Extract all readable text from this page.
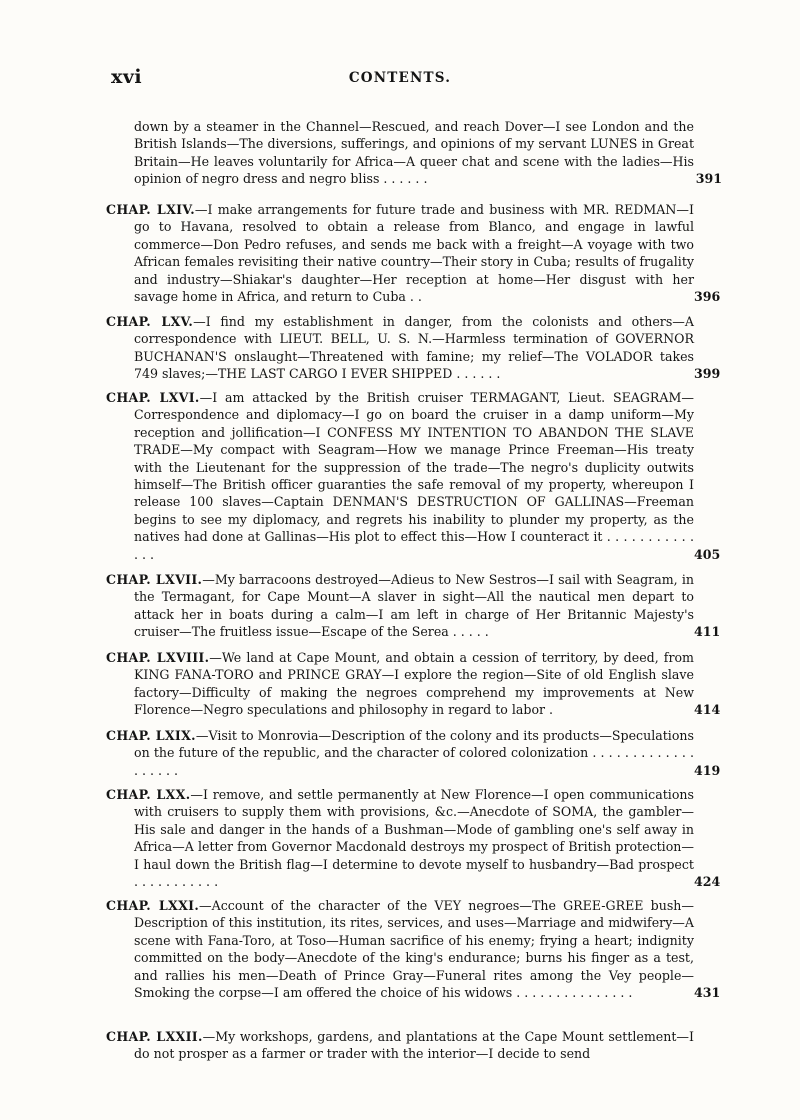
xvi	CONTENTS.
down by a steamer in the Channel—Rescued, and reach Dover—I see London and the British Islands—The diversions, sufferings, and opinions of my servant LUNES in Great Britain—He leaves voluntarily for Africa—A queer chat and scene with the ladies—His opinion of negro dress and negro bliss . . . . . .	391
CHAP. LXIV.—I make arrangements for future trade and business with MR. REDMAN—I go to Havana, resolved to obtain a release from Blanco, and engage in lawful commerce—Don Pedro refuses, and sends me back with a freight—A voyage with two African females revisiting their native country—Their story in Cuba; results of frugality and industry—Shiakar's daughter—Her reception at home—Her disgust with her savage home in Africa, and return to Cuba . .	396
CHAP. LXV.—I find my establishment in danger, from the colonists and others—A correspondence with LIEUT. BELL, U. S. N.—Harmless termination of GOVERNOR BUCHANAN'S onslaught—Threatened with famine; my relief—The VOLADOR takes 749 slaves;—THE LAST CARGO I EVER SHIPPED . . . . . .	399
CHAP. LXVI.—I am attacked by the British cruiser TERMAGANT, Lieut. SEAGRAM—Correspondence and diplomacy—I go on board the cruiser in a damp uniform—My reception and jollification—I CONFESS MY INTENTION TO ABANDON THE SLAVE TRADE—My compact with Seagram—How we manage Prince Freeman—His treaty with the Lieutenant for the suppression of the trade—The negro's duplicity outwits himself—The British officer guaranties the safe removal of my property, whereupon I release 100 slaves—Captain DENMAN'S DESTRUCTION OF GALLINAS—Freeman begins to see my diplomacy, and regrets his inability to plunder my property, as the natives had done at Gallinas—His plot to effect this—How I counteract it . . . . . . . . . . . . . .	405
CHAP. LXVII.—My barracoons destroyed—Adieus to New Sestros—I sail with Seagram, in the Termagant, for Cape Mount—A slaver in sight—All the nautical men depart to attack her in boats during a calm—I am left in charge of Her Britannic Majesty's cruiser—The fruitless issue—Escape of the Serea . . . . .	411
CHAP. LXVIII.—We land at Cape Mount, and obtain a cession of territory, by deed, from KING FANA-TORO and PRINCE GRAY—I explore the region—Site of old English slave factory—Difficulty of making the negroes comprehend my improvements at New Florence—Negro speculations and philosophy in regard to labor .	414
CHAP. LXIX.—Visit to Monrovia—Description of the colony and its products—Speculations on the future of the republic, and the character of colored colonization . . . . . . . . . . . . . . . . . . .	419
CHAP. LXX.—I remove, and settle permanently at New Florence—I open communications with cruisers to supply them with provisions, &c.—Anecdote of SOMA, the gambler—His sale and danger in the hands of a Bushman—Mode of gambling one's self away in Africa—A letter from Governor Macdonald destroys my prospect of British protection—I haul down the British flag—I determine to devote myself to husbandry—Bad prospect . . . . . . . . . . .	424
CHAP. LXXI.—Account of the character of the VEY negroes—The GREE-GREE bush—Description of this institution, its rites, services, and uses—Marriage and midwifery—A scene with Fana-Toro, at Toso—Human sacrifice of his enemy; frying a heart; indignity committed on the body—Anecdote of the king's endurance; burns his finger as a test, and rallies his men—Death of Prince Gray—Funeral rites among the Vey people—Smoking the corpse—I am offered the choice of his widows . . . . . . . . . . . . . . .	431
CHAP. LXXII.—My workshops, gardens, and plantations at the Cape Mount settlement—I do not prosper as a farmer or trader with the interior—I decide to send
